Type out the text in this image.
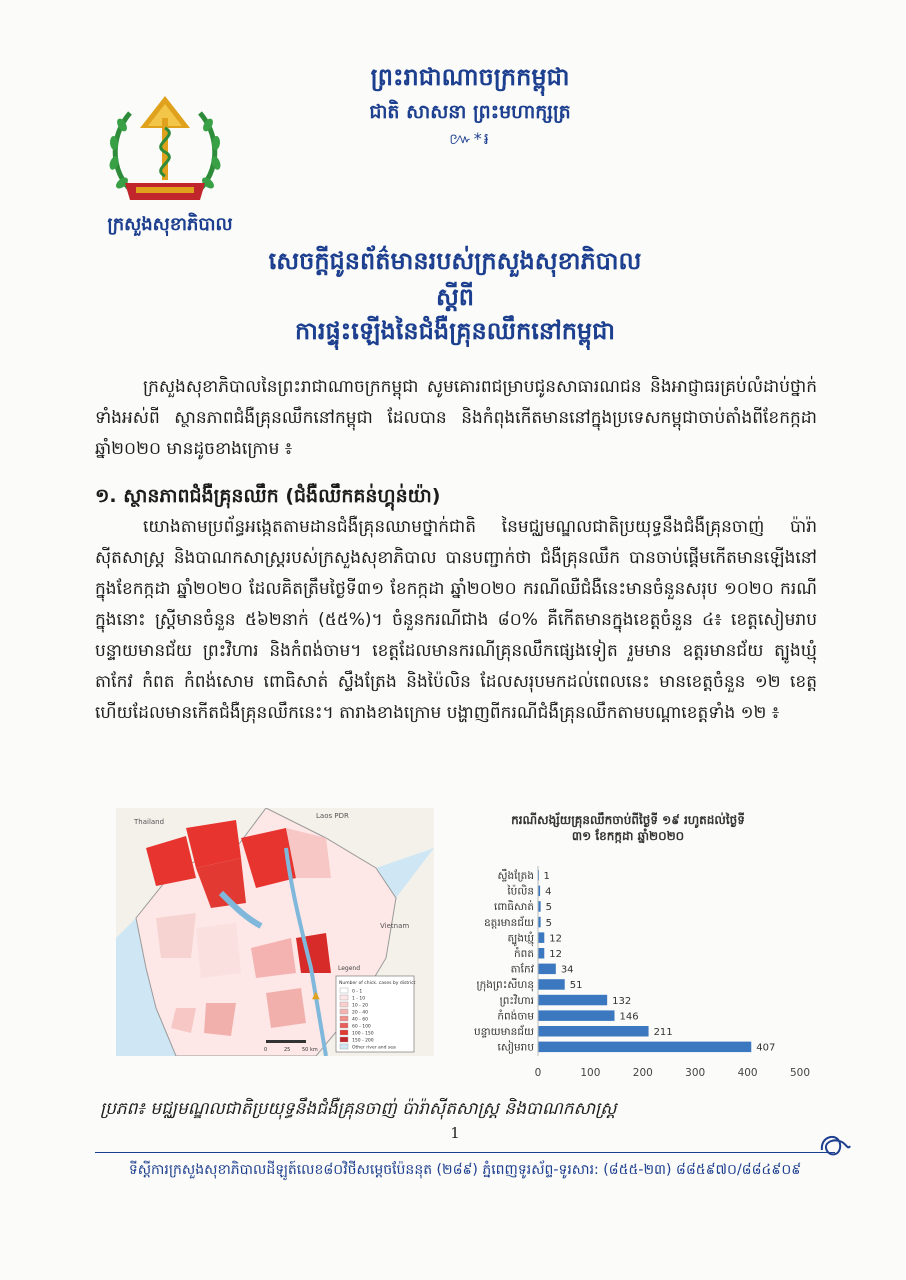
ព្រះរាជាណាចក្រកម្ពុជា
ជាតិ សាសនា ព្រះមហាក្សត្រ
៚*៛
ក្រសួងសុខាភិបាល
សេចក្តីជូនព័ត៌មានរបស់ក្រសួងសុខាភិបាល
ស្តីពី
ការផ្ទុះឡើងនៃជំងឺគ្រុនឈឹកនៅកម្ពុជា
ក្រសួងសុខាភិបាលនៃព្រះរាជាណាចក្រកម្ពុជា សូមគោរពជម្រាបជូនសាធារណជន និងអាជ្ញាធរគ្រប់លំដាប់ថ្នាក់ទាំងអស់ពី ស្ថានភាពជំងឺគ្រុនឈឹកនៅកម្ពុជា ដែលបាន និងកំពុងកើតមាននៅក្នុងប្រទេសកម្ពុជាចាប់តាំងពីខែកក្កដា ឆ្នាំ២០២០ មានដូចខាងក្រោម ៖
១. ស្ថានភាពជំងឺគ្រុនឈឹក (ជំងឺឈឹកគន់ហ្គុន់យ៉ា)
យោងតាមប្រព័ន្ធអង្កេតតាមដានជំងឺគ្រុនឈាមថ្នាក់ជាតិ នៃមជ្ឈមណ្ឌលជាតិប្រយុទ្ធនឹងជំងឺគ្រុនចាញ់ ប៉ារ៉ាស៊ីតសាស្ត្រ និងបាណកសាស្ត្ររបស់ក្រសួងសុខាភិបាល បានបញ្ជាក់ថា ជំងឺគ្រុនឈឹក បានចាប់ផ្តើមកើតមានឡើងនៅក្នុងខែកក្កដា ឆ្នាំ២០២០ ដែលគិតត្រឹមថ្ងៃទី៣១ ខែកក្កដា ឆ្នាំ២០២០ ករណីឈឺជំងឺនេះមានចំនួនសរុប ១០២០ ករណី ក្នុងនោះ ស្ត្រីមានចំនួន ៥៦២នាក់ (៥៥%)។ ចំនួនករណីជាង ៨០% គឺកើតមានក្នុងខេត្តចំនួន ៤៖ ខេត្តសៀមរាប បន្ទាយមានជ័យ ព្រះវិហារ និងកំពង់ចាម។ ខេត្តដែលមានករណីគ្រុនឈឹកផ្សេងទៀត រួមមាន ឧត្តរមានជ័យ ត្បូងឃ្មុំ តាកែវ កំពត កំពង់សោម ពោធិសាត់ ស្ទឹងត្រែង និងប៉ៃលិន ដែលសរុបមកដល់ពេលនេះ មានខេត្តចំនួន ១២ ខេត្តហើយដែលមានកើតជំងឺគ្រុនឈឹកនេះ។ តារាងខាងក្រោម បង្ហាញពីករណីជំងឺគ្រុនឈឹកតាមបណ្តាខេត្តទាំង ១២ ៖
Thailand
Laos PDR
Vietnam
Legend
Number of chick. cases by district
0 - 1
1 - 10
10 - 20
20 - 40
40 - 60
60 - 100
100 - 150
150 - 200
Other river and sea
▲
0	25 50 km
ករណីសង្ស័យគ្រុនឈឹកចាប់ពីថ្ងៃទី ១៩ រហូតដល់ថ្ងៃទី៣១ ខែកក្កដា ឆ្នាំ២០២០
ស្ទឹងត្រែង 1
ប៉ៃលិន 4
ពោធិសាត់ 5
ឧត្តរមានជ័យ 5
ត្បូងឃ្មុំ 12
កំពត 12
តាកែវ	34
ក្រុងព្រះសីហនុ	51
ព្រះវិហារ	132
កំពង់ចាម	146
បន្ទាយមានជ័យ	211
សៀមរាប	407
0	100	200	300	400	500
ប្រភព៖ មជ្ឈមណ្ឌលជាតិប្រយុទ្ធនឹងជំងឺគ្រុនចាញ់ ប៉ារ៉ាស៊ីតសាស្ត្រ និងបាណកសាស្ត្រ
1
ទីស្តីការក្រសួងសុខាភិបាលដីឡូត៍លេខ៨០វិថីសម្តេចប៉ែននុត (២៨៩) ភ្នំពេញទូរស័ព្ទ-ទូរសារ: (៨៥៥-២៣) ៨៨៥៩៧០/៨៨៤៩០៩
